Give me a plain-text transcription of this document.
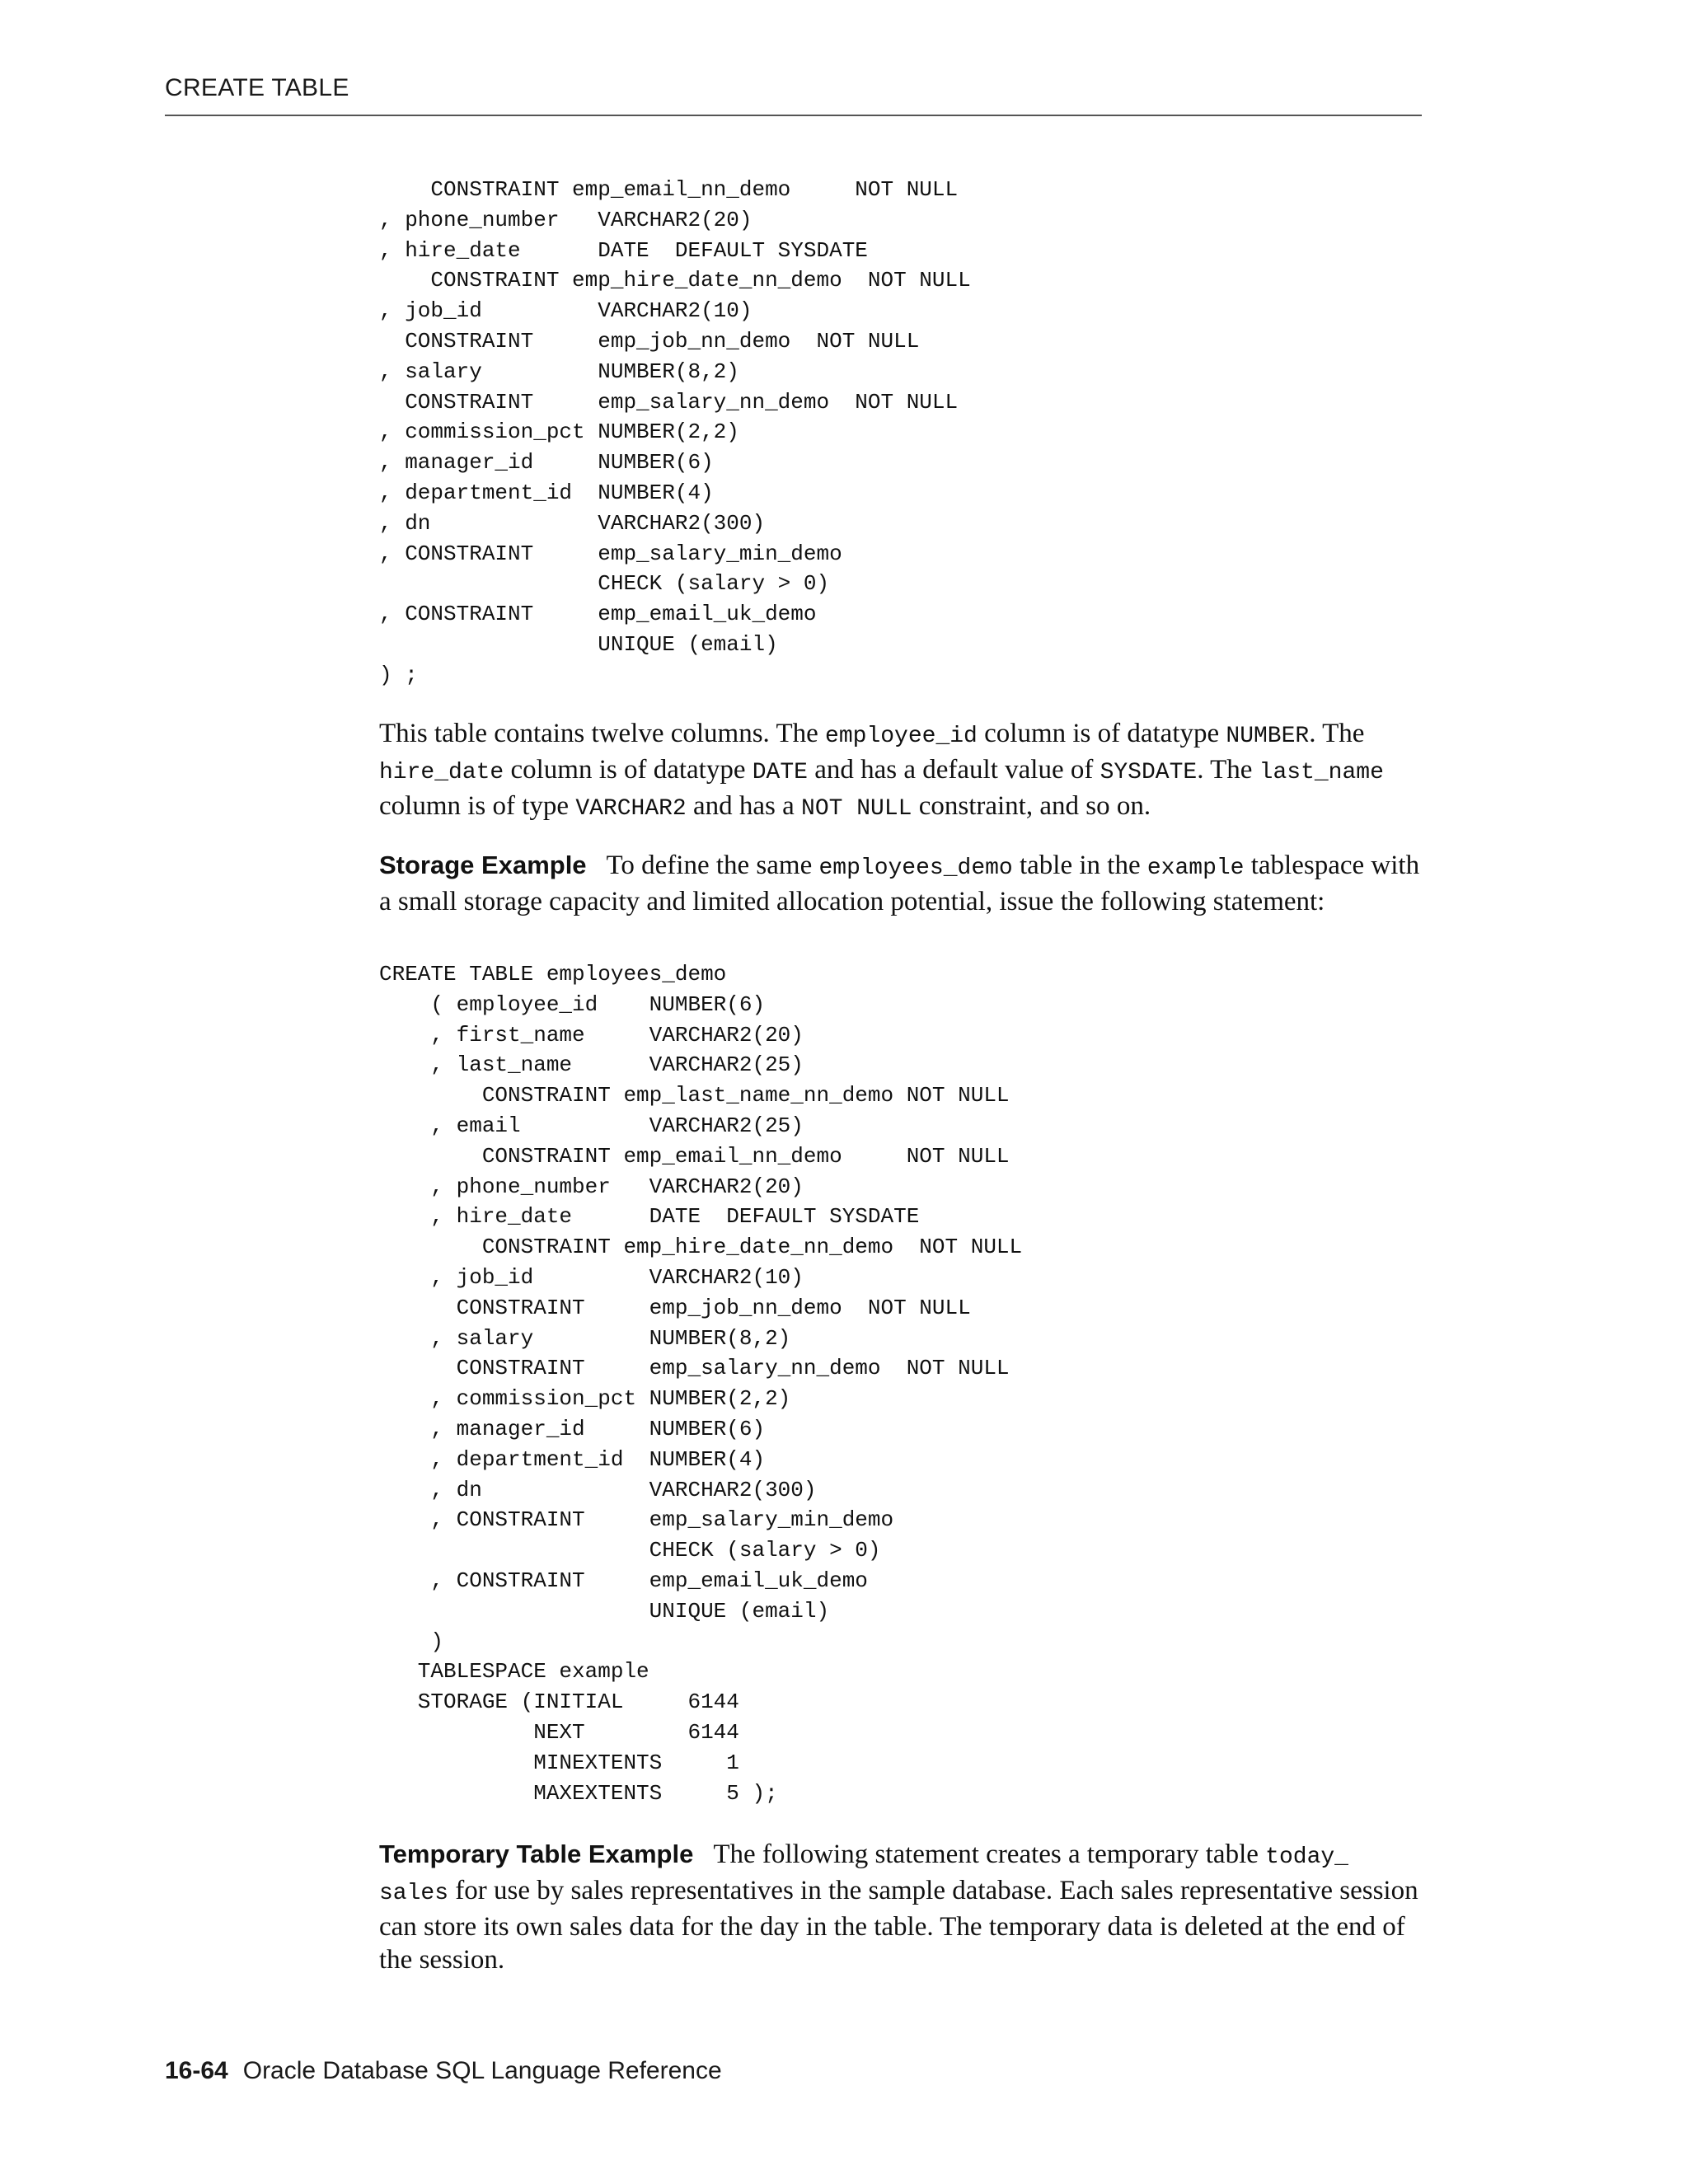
CREATE TABLE
CONSTRAINT emp_email_nn_demo     NOT NULL
, phone_number   VARCHAR2(20)
, hire_date      DATE  DEFAULT SYSDATE
CONSTRAINT emp_hire_date_nn_demo  NOT NULL
, job_id         VARCHAR2(10)
CONSTRAINT     emp_job_nn_demo  NOT NULL
, salary         NUMBER(8,2)
CONSTRAINT     emp_salary_nn_demo  NOT NULL
, commission_pct NUMBER(2,2)
, manager_id     NUMBER(6)
, department_id  NUMBER(4)
, dn             VARCHAR2(300)
, CONSTRAINT     emp_salary_min_demo
CHECK (salary > 0)
, CONSTRAINT     emp_email_uk_demo
UNIQUE (email)
) ;

This table contains twelve columns. The employee_id column is of datatype NUMBER. The hire_date column is of datatype DATE and has a default value of SYSDATE. The last_name column is of type VARCHAR2 and has a NOT NULL constraint, and so on.

Storage Example To define the same employees_demo table in the example tablespace with a small storage capacity and limited allocation potential, issue the following statement:

CREATE TABLE employees_demo
( employee_id    NUMBER(6)
, first_name     VARCHAR2(20)
, last_name      VARCHAR2(25)
CONSTRAINT emp_last_name_nn_demo NOT NULL
, email          VARCHAR2(25)
CONSTRAINT emp_email_nn_demo     NOT NULL
, phone_number   VARCHAR2(20)
, hire_date      DATE  DEFAULT SYSDATE
CONSTRAINT emp_hire_date_nn_demo  NOT NULL
, job_id         VARCHAR2(10)
CONSTRAINT     emp_job_nn_demo  NOT NULL
, salary         NUMBER(8,2)
CONSTRAINT     emp_salary_nn_demo  NOT NULL
, commission_pct NUMBER(2,2)
, manager_id     NUMBER(6)
, department_id  NUMBER(4)
, dn             VARCHAR2(300)
, CONSTRAINT     emp_salary_min_demo
CHECK (salary > 0)
, CONSTRAINT     emp_email_uk_demo
UNIQUE (email)
)
TABLESPACE example
STORAGE (INITIAL     6144
NEXT        6144
MINEXTENTS     1
MAXEXTENTS     5 );

Temporary Table Example The following statement creates a temporary table today_ sales for use by sales representatives in the sample database. Each sales representative session can store its own sales data for the day in the table. The temporary data is deleted at the end of the session.

16-64 Oracle Database SQL Language Reference
